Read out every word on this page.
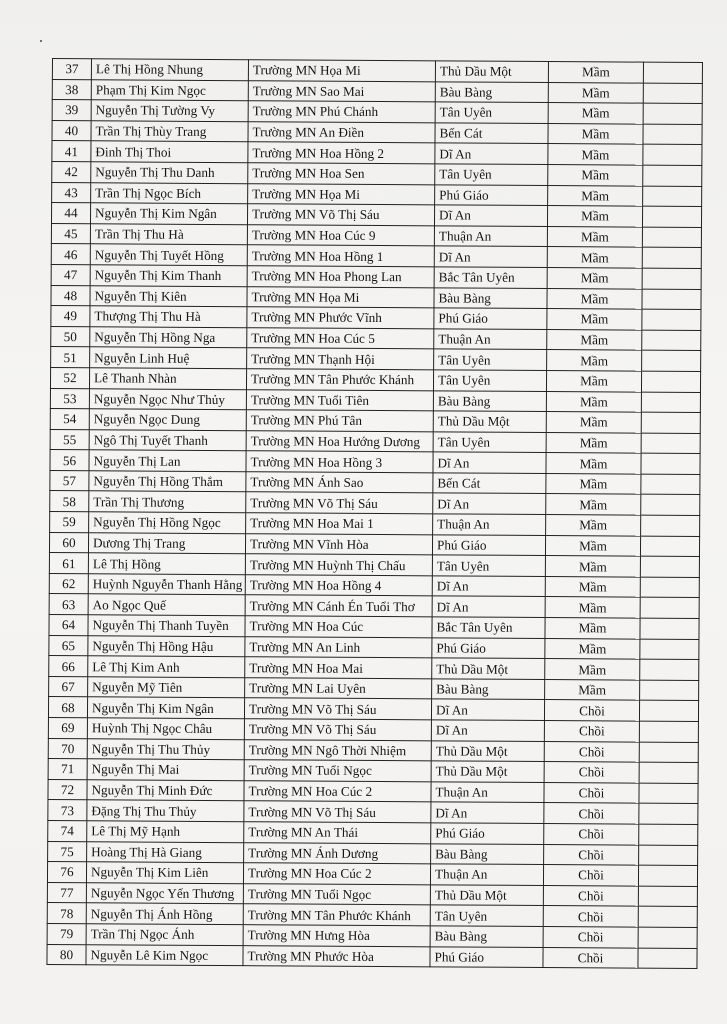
37	Lê Thị Hồng Nhung	Trường MN Họa Mi	Thủ Dầu Một	Mầm	
38	Phạm Thị Kim Ngọc	Trường MN Sao Mai	Bàu Bàng	Mầm	
39	Nguyễn Thị Tường Vy	Trường MN Phú Chánh	Tân Uyên	Mầm	
40	Trần Thị Thùy Trang	Trường MN An Điền	Bến Cát	Mầm	
41	Đinh Thị Thoi	Trường MN Hoa Hồng 2	Dĩ An	Mầm	
42	Nguyễn Thị Thu Danh	Trường MN Hoa Sen	Tân Uyên	Mầm	
43	Trần Thị Ngọc Bích	Trường MN Họa Mi	Phú Giáo	Mầm	
44	Nguyễn Thị Kim Ngân	Trường MN Võ Thị Sáu	Dĩ An	Mầm	
45	Trần Thị Thu Hà	Trường MN Hoa Cúc 9	Thuận An	Mầm	
46	Nguyễn Thị Tuyết Hồng	Trường MN Hoa Hồng 1	Dĩ An	Mầm	
47	Nguyễn Thị Kim Thanh	Trường MN Hoa Phong Lan	Bắc Tân Uyên	Mầm	
48	Nguyễn Thị Kiên	Trường MN Họa Mi	Bàu Bàng	Mầm	
49	Thượng Thị Thu Hà	Trường MN Phước Vĩnh	Phú Giáo	Mầm	
50	Nguyễn Thị Hồng Nga	Trường MN Hoa Cúc 5	Thuận An	Mầm	
51	Nguyễn Linh Huệ	Trường MN Thạnh Hội	Tân Uyên	Mầm	
52	Lê Thanh Nhàn	Trường MN Tân Phước Khánh	Tân Uyên	Mầm	
53	Nguyễn Ngọc Như Thủy	Trường MN Tuổi Tiên	Bàu Bàng	Mầm	
54	Nguyễn Ngọc Dung	Trường MN Phú Tân	Thủ Dầu Một	Mầm	
55	Ngô Thị Tuyết Thanh	Trường MN Hoa Hướng Dương	Tân Uyên	Mầm	
56	Nguyễn Thị Lan	Trường MN Hoa Hồng 3	Dĩ An	Mầm	
57	Nguyễn Thị Hồng Thắm	Trường MN Ánh Sao	Bến Cát	Mầm	
58	Trần Thị Thương	Trường MN Võ Thị Sáu	Dĩ An	Mầm	
59	Nguyễn Thị Hồng Ngọc	Trường MN Hoa Mai 1	Thuận An	Mầm	
60	Dương Thị Trang	Trường MN Vĩnh Hòa	Phú Giáo	Mầm	
61	Lê Thị Hồng	Trường MN Huỳnh Thị Chấu	Tân Uyên	Mầm	
62	Huỳnh Nguyễn Thanh Hằng	Trường MN Hoa Hồng 4	Dĩ An	Mầm	
63	Ao Ngọc Quế	Trường MN Cánh Én Tuổi Thơ	Dĩ An	Mầm	
64	Nguyễn Thị Thanh Tuyền	Trường MN Hoa Cúc	Bắc Tân Uyên	Mầm	
65	Nguyễn Thị Hồng Hậu	Trường MN An Linh	Phú Giáo	Mầm	
66	Lê Thị Kim Anh	Trường MN Hoa Mai	Thủ Dầu Một	Mầm	
67	Nguyễn Mỹ Tiên	Trường MN Lai Uyên	Bàu Bàng	Mầm	
68	Nguyễn Thị Kim Ngân	Trường MN Võ Thị Sáu	Dĩ An	Chồi	
69	Huỳnh Thị Ngọc Châu	Trường MN Võ Thị Sáu	Dĩ An	Chồi	
70	Nguyễn Thị Thu Thủy	Trường MN Ngô Thời Nhiệm	Thủ Dầu Một	Chồi	
71	Nguyễn Thị Mai	Trường MN Tuổi Ngọc	Thủ Dầu Một	Chồi	
72	Nguyễn Thị Minh Đức	Trường MN Hoa Cúc 2	Thuận An	Chồi	
73	Đặng Thị Thu Thủy	Trường MN Võ Thị Sáu	Dĩ An	Chồi	
74	Lê Thị Mỹ Hạnh	Trường MN An Thái	Phú Giáo	Chồi	
75	Hoàng Thị Hà Giang	Trường MN Ánh Dương	Bàu Bàng	Chồi	
76	Nguyễn Thị Kim Liên	Trường MN Hoa Cúc 2	Thuận An	Chồi	
77	Nguyễn Ngọc Yến Thương	Trường MN Tuổi Ngọc	Thủ Dầu Một	Chồi	
78	Nguyễn Thị Ánh Hồng	Trường MN Tân Phước Khánh	Tân Uyên	Chồi	
79	Trần Thị Ngọc Ánh	Trường MN Hưng Hòa	Bàu Bàng	Chồi	
80	Nguyễn Lê Kim Ngọc	Trường MN Phước Hòa	Phú Giáo	Chồi	
